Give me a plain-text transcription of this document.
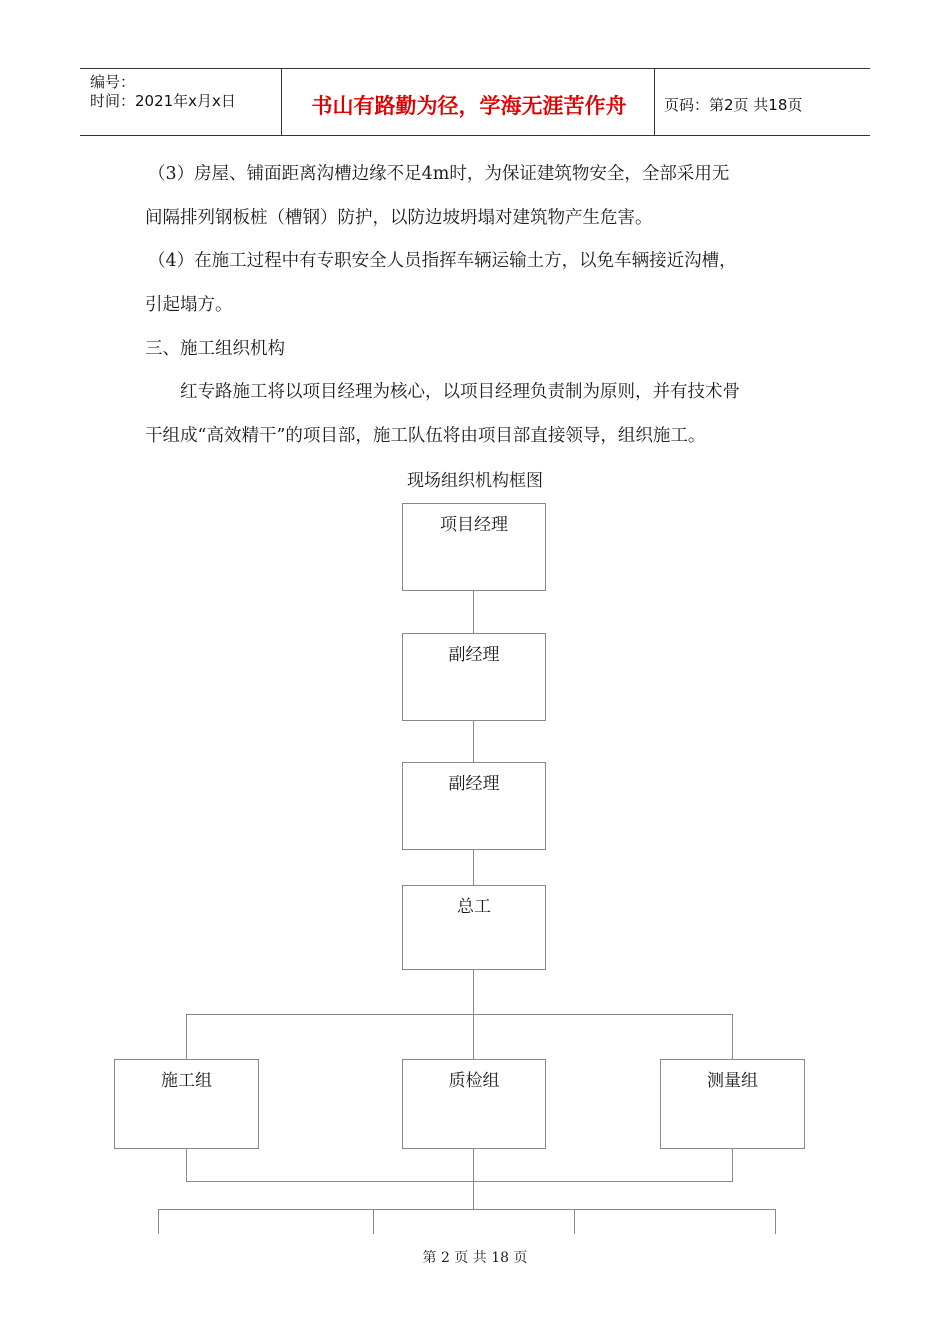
编号：
时间：2021年x月x日	书山有路勤为径，学海无涯苦作舟	页码：第2页 共18页
（3）房屋、铺面距离沟槽边缘不足4m时，为保证建筑物安全，全部采用无
间隔排列钢板桩（槽钢）防护，以防边坡坍塌对建筑物产生危害。
（4）在施工过程中有专职安全人员指挥车辆运输土方，以免车辆接近沟槽，
引起塌方。
三、施工组织机构
红专路施工将以项目经理为核心，以项目经理负责制为原则，并有技术骨
干组成“高效精干”的项目部，施工队伍将由项目部直接领导，组织施工。
现场组织机构框图
项目经理
副经理
副经理
总工
施工组	质检组	测量组
第 2 页 共 18 页
